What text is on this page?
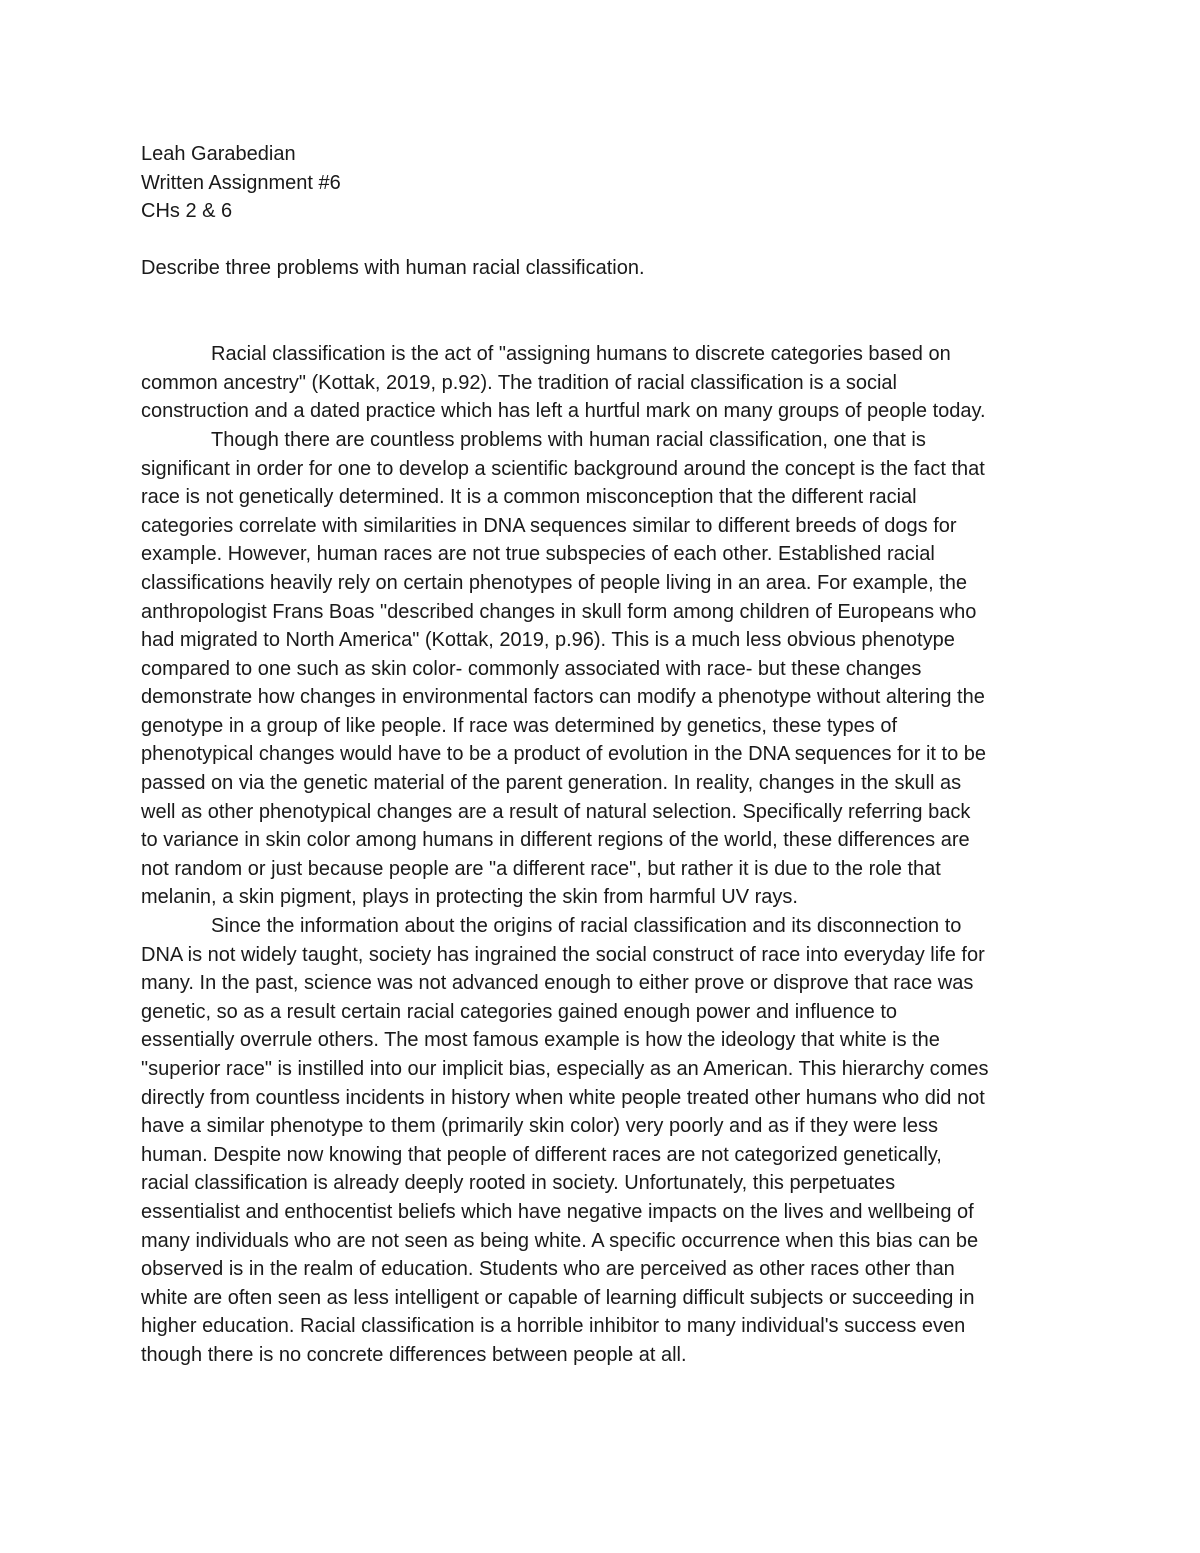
Leah Garabedian
Written Assignment #6
CHs 2 & 6
Describe three problems with human racial classification.

Racial classification is the act of "assigning humans to discrete categories based on
common ancestry" (Kottak, 2019, p.92). The tradition of racial classification is a social
construction and a dated practice which has left a hurtful mark on many groups of people today.

Though there are countless problems with human racial classification, one that is
significant in order for one to develop a scientific background around the concept is the fact that
race is not genetically determined. It is a common misconception that the different racial
categories correlate with similarities in DNA sequences similar to different breeds of dogs for
example. However, human races are not true subspecies of each other. Established racial
classifications heavily rely on certain phenotypes of people living in an area. For example, the
anthropologist Frans Boas "described changes in skull form among children of Europeans who
had migrated to North America" (Kottak, 2019, p.96). This is a much less obvious phenotype
compared to one such as skin color- commonly associated with race- but these changes
demonstrate how changes in environmental factors can modify a phenotype without altering the
genotype in a group of like people. If race was determined by genetics, these types of
phenotypical changes would have to be a product of evolution in the DNA sequences for it to be
passed on via the genetic material of the parent generation. In reality, changes in the skull as
well as other phenotypical changes are a result of natural selection. Specifically referring back
to variance in skin color among humans in different regions of the world, these differences are
not random or just because people are "a different race", but rather it is due to the role that
melanin, a skin pigment, plays in protecting the skin from harmful UV rays.

Since the information about the origins of racial classification and its disconnection to
DNA is not widely taught, society has ingrained the social construct of race into everyday life for
many. In the past, science was not advanced enough to either prove or disprove that race was
genetic, so as a result certain racial categories gained enough power and influence to
essentially overrule others. The most famous example is how the ideology that white is the
"superior race" is instilled into our implicit bias, especially as an American. This hierarchy comes
directly from countless incidents in history when white people treated other humans who did not
have a similar phenotype to them (primarily skin color) very poorly and as if they were less
human. Despite now knowing that people of different races are not categorized genetically,
racial classification is already deeply rooted in society. Unfortunately, this perpetuates
essentialist and enthocentist beliefs which have negative impacts on the lives and wellbeing of
many individuals who are not seen as being white. A specific occurrence when this bias can be
observed is in the realm of education. Students who are perceived as other races other than
white are often seen as less intelligent or capable of learning difficult subjects or succeeding in
higher education. Racial classification is a horrible inhibitor to many individual's success even
though there is no concrete differences between people at all.
